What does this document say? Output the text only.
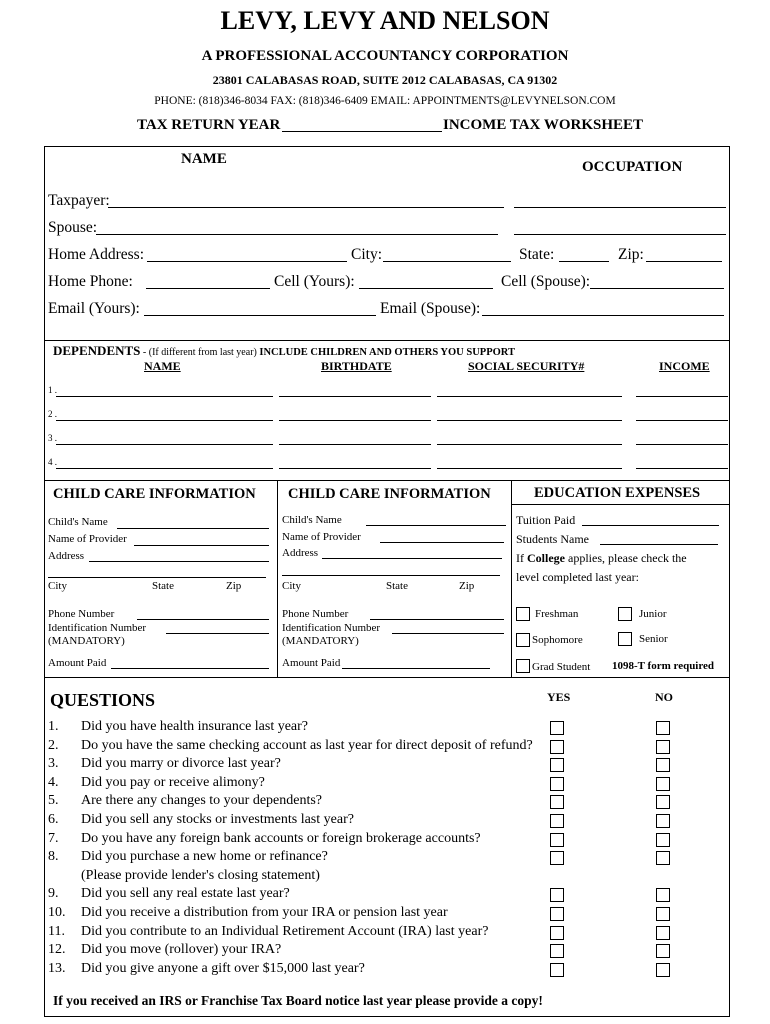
LEVY, LEVY AND NELSON
A PROFESSIONAL ACCOUNTANCY CORPORATION
23801 CALABASAS ROAD, SUITE 2012 CALABASAS, CA 91302
PHONE: (818)346-8034 FAX: (818)346-6409 EMAIL: APPOINTMENTS@LEVYNELSON.COM
TAX RETURN YEAR	INCOME TAX WORKSHEET
NAME	OCCUPATION
Taxpayer:
Spouse:
Home Address:	City:	State:	Zip:
Home Phone:	Cell (Yours):	Cell (Spouse):
Email (Yours):	Email (Spouse):
DEPENDENTS - (If different from last year) INCLUDE CHILDREN AND OTHERS YOU SUPPORT
NAME	BIRTHDATE	SOCIAL SECURITY#	INCOME
1 .
2 .
3 .
4 .
CHILD CARE INFORMATION CHILD CARE INFORMATION	EDUCATION EXPENSES
Child's Name
Name of Provider
Address
City	State	Zip
Phone Number
Identification Number
(MANDATORY)
Amount Paid
Child's Name
Name of Provider
Address
City	State	Zip
Phone Number
Identification Number
(MANDATORY)
Amount Paid
Tuition Paid
Students Name
If College applies, please check the
level completed last year:
Freshman	Junior
Sophomore	Senior
Grad Student 1098-T form required
QUESTIONS	YES	NO
1. Did you have health insurance last year?
2. Do you have the same checking account as last year for direct deposit of refund?
3. Did you marry or divorce last year?
4. Did you pay or receive alimony?
5. Are there any changes to your dependents?
6. Did you sell any stocks or investments last year?
7. Do you have any foreign bank accounts or foreign brokerage accounts?
8. Did you purchase a new home or refinance?
(Please provide lender's closing statement)
9. Did you sell any real estate last year?
10. Did you receive a distribution from your IRA or pension last year
11. Did you contribute to an Individual Retirement Account (IRA) last year?
12. Did you move (rollover) your IRA?
13. Did you give anyone a gift over $15,000 last year?
If you received an IRS or Franchise Tax Board notice last year please provide a copy!
